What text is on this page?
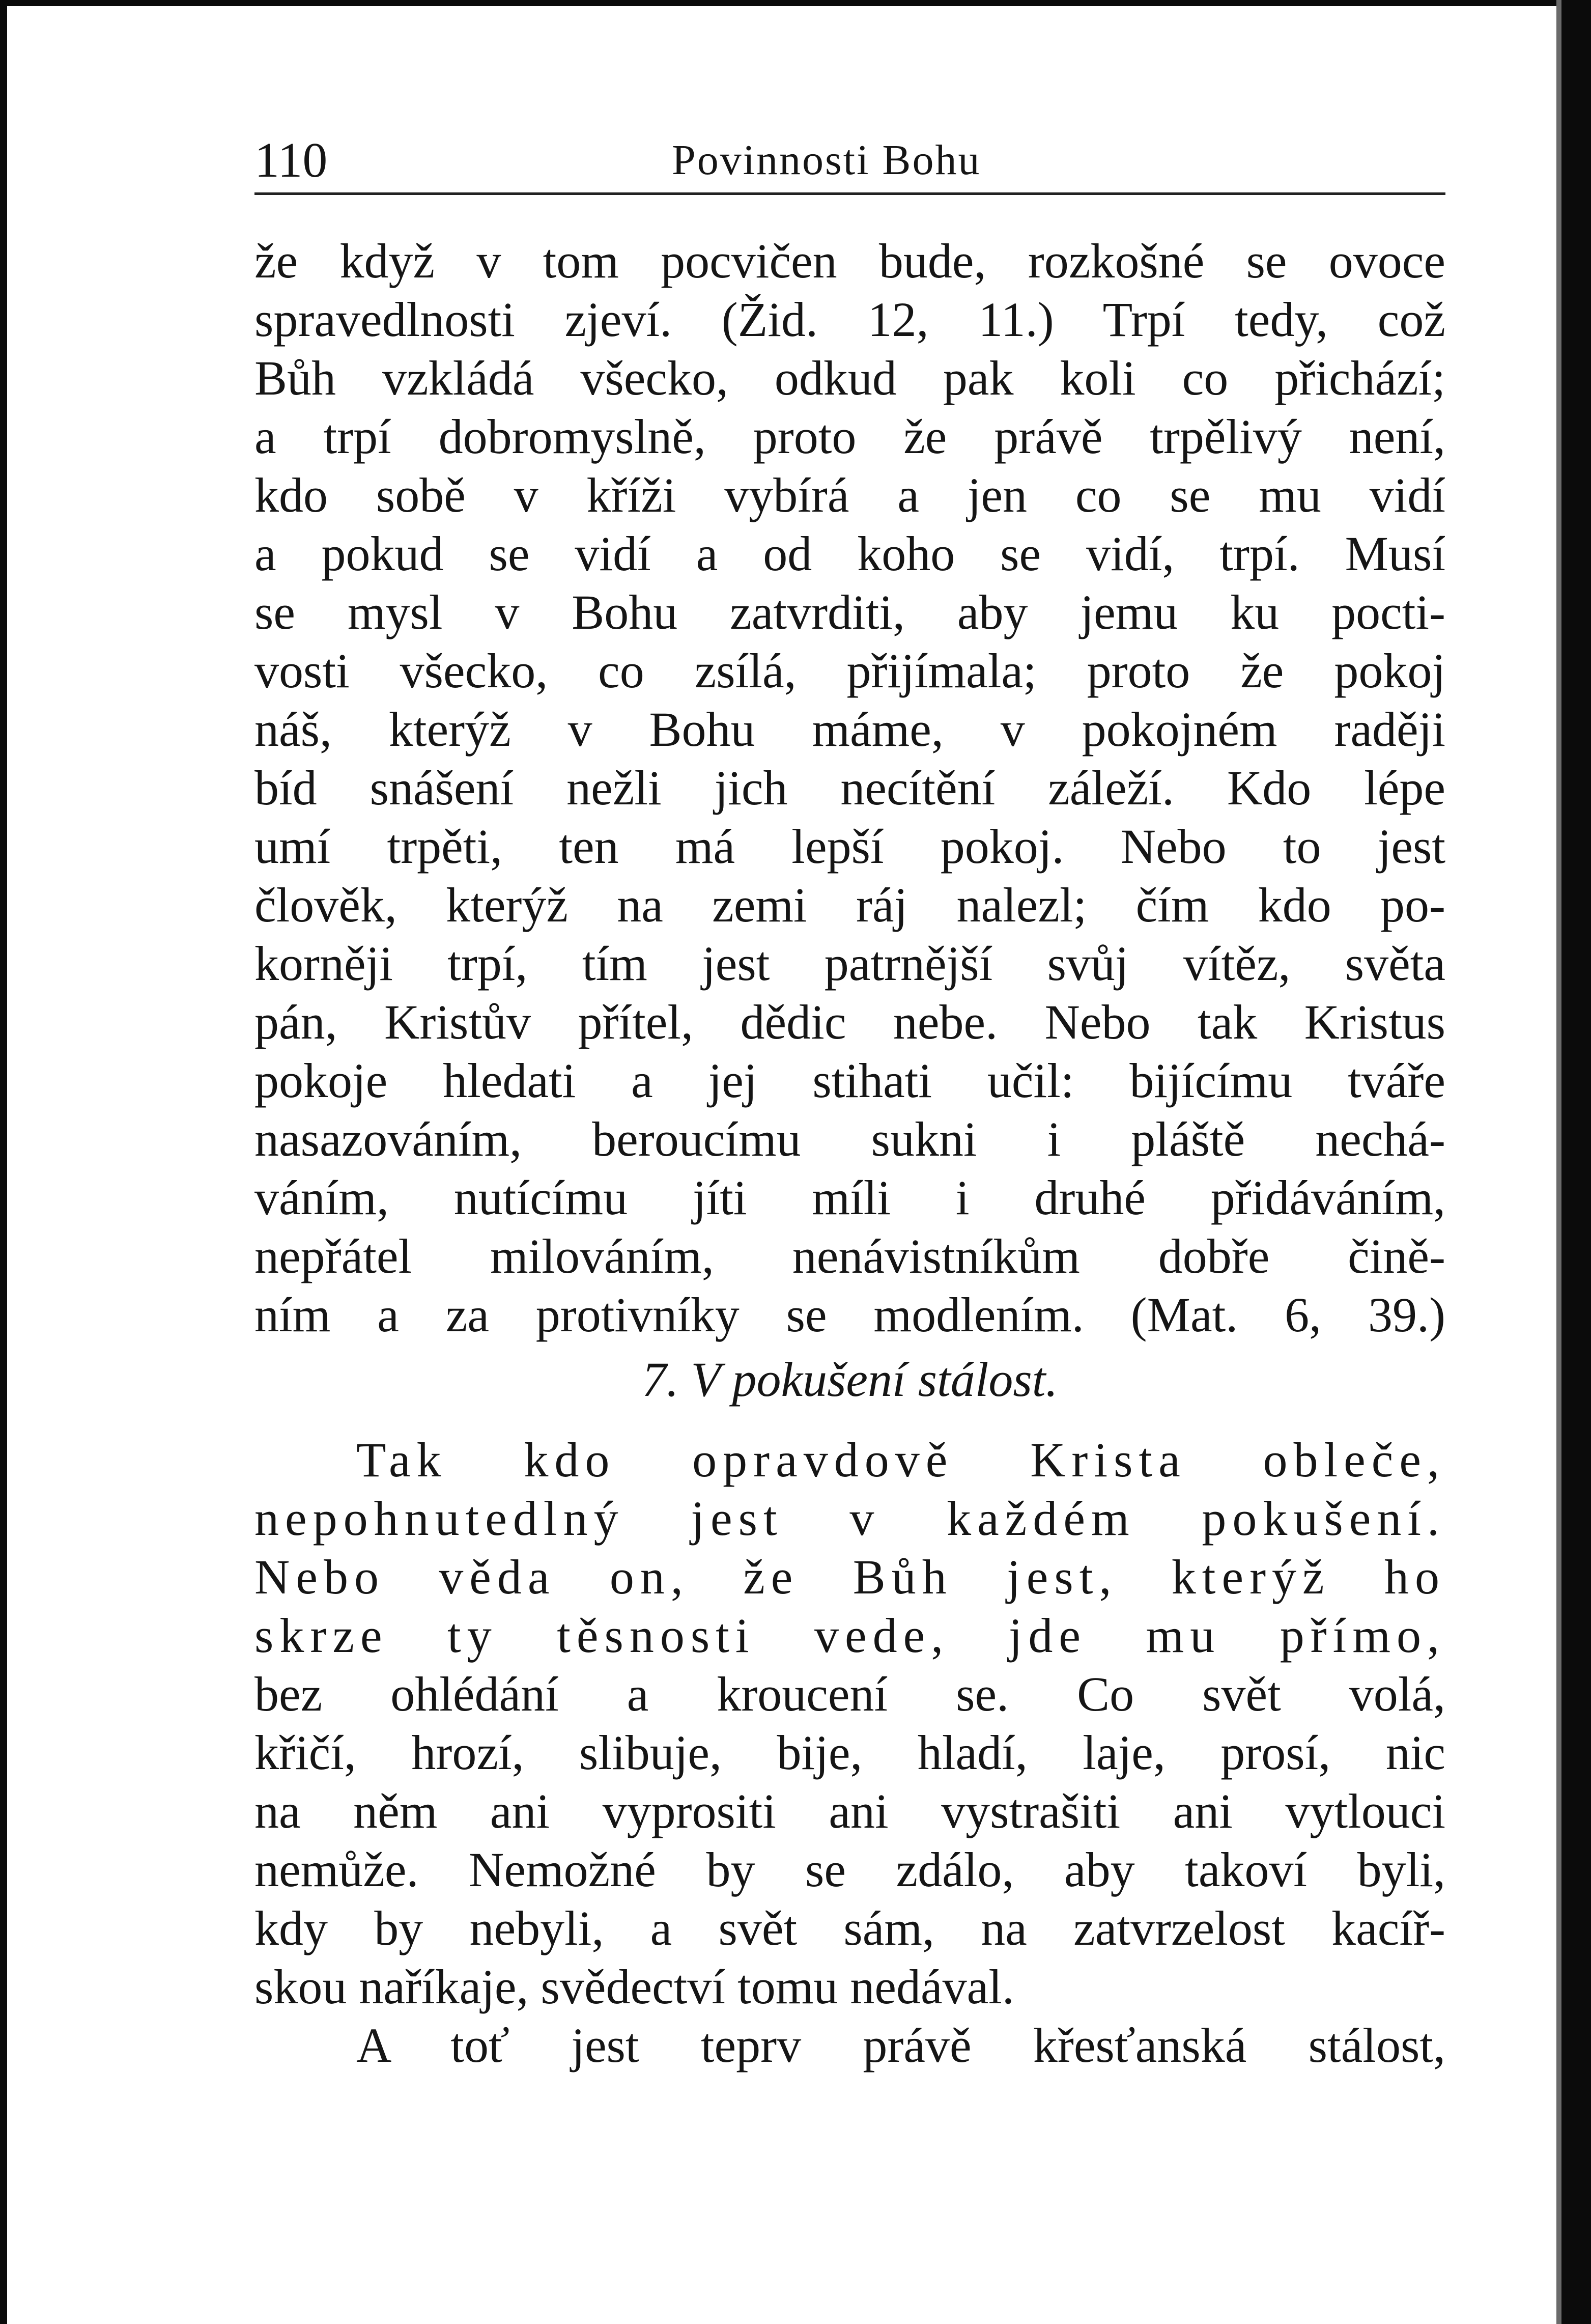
110	Povinnosti Bohu
že když v tom pocvičen bude, rozkošné se ovoce
spravedlnosti zjeví. (Žid. 12, 11.) Trpí tedy, což
Bůh vzkládá všecko, odkud pak koli co přichází;
a trpí dobromyslně, proto že právě trpělivý není,
kdo sobě v kříži vybírá a jen co se mu vidí
a pokud se vidí a od koho se vidí, trpí. Musí
se mysl v Bohu zatvrditi, aby jemu ku pocti-
vosti všecko, co zsílá, přijímala; proto že pokoj
náš, kterýž v Bohu máme, v pokojném raději
bíd snášení nežli jich necítění záleží. Kdo lépe
umí trpěti, ten má lepší pokoj. Nebo to jest
člověk, kterýž na zemi ráj nalezl; čím kdo po-
korněji trpí, tím jest patrnější svůj vítěz, světa
pán, Kristův přítel, dědic nebe. Nebo tak Kristus
pokoje hledati a jej stihati učil: bijícímu tváře
nasazováním, beroucímu sukni i pláště nechá-
váním, nutícímu jíti míli i druhé přidáváním,
nepřátel milováním, nenávistníkům dobře čině-
ním a za protivníky se modlením. (Mat. 6, 39.)
7. V pokušení stálost.
Tak kdo opravdově Krista obleče,
nepohnutedlný jest v každém pokušení.
Nebo věda on, že Bůh jest, kterýž ho
skrze ty těsnosti vede, jde mu přímo,
bez ohlédání a kroucení se. Co svět volá,
křičí, hrozí, slibuje, bije, hladí, laje, prosí, nic
na něm ani vyprositi ani vystrašiti ani vytlouci
nemůže. Nemožné by se zdálo, aby takoví byli,
kdy by nebyli, a svět sám, na zatvrzelost kacíř-
skou naříkaje, svědectví tomu nedával.
A toť jest teprv právě křesťanská stálost,
